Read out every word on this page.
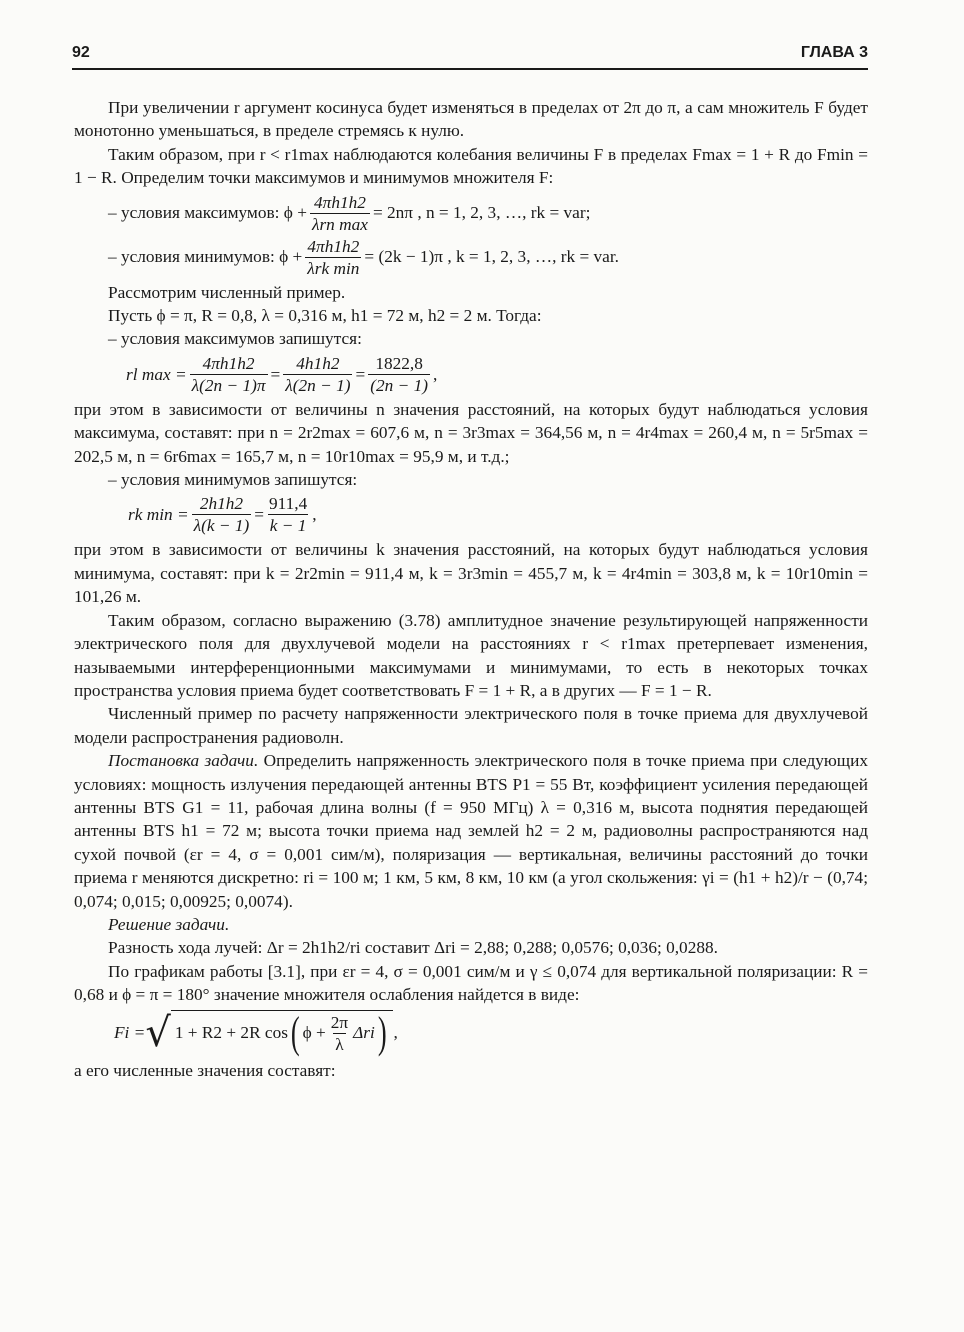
92	ГЛАВА 3

При увеличении r аргумент косинуса будет изменяться в пределах от 2π до π, а сам множитель F будет монотонно уменьшаться, в пределе стремясь к нулю.

Таким образом, при r < r1max наблюдаются колебания величины F в пределах Fmax = 1 + R до Fmin = 1 − R. Определим точки максимумов и минимумов множителя F:

– условия максимумов: $\phi + \frac{4\pi h1h2}{\text{λrn max}} = 2n\pi$ , n = 1, 2, 3, …, rk = var;
– условия минимумов: $\phi + \frac{4\pi h1h2}{\text{λrk min}} = (2k - 1)\pi$ , k = 1, 2, 3, …, rk = var.

Рассмотрим численный пример.

Пусть ϕ = π, R = 0,8, λ = 0,316 м, h1 = 72 м, h2 = 2 м. Тогда:

– условия максимумов запишутся:

rl $\max = \frac{4\pi h1h2}{\lambda(2n - 1)\pi} = \frac{4h1h2}{\lambda(2n - 1)} = \frac{1822,8}{(2n - 1)}$ ,

при этом в зависимости от величины n значения расстояний, на которых будут наблюдаться условия максимума, составят: при n = 2r2max = 607,6 м, n = 3r3max = 364,56 м, n = 4r4max = 260,4 м, n = 5r5max = 202,5 м, n = 6r6max = 165,7 м, n = 10r10max = 95,9 м, и т.д.;

– условия минимумов запишутся:

rk $\min = \frac{2h1h2}{\lambda(k - 1)} = \frac{911,4}{k - 1}$ ,

при этом в зависимости от величины k значения расстояний, на которых будут наблюдаться условия минимума, составят: при k = 2r2min = 911,4 м, k = 3r3min = 455,7 м, k = 4r4min = 303,8 м, k = 10r10min = 101,26 м.

Таким образом, согласно выражению (3.78) амплитудное значение результирующей напряженности электрического поля для двухлучевой модели на расстояниях r < r1max претерпевает изменения, называемыми интерференционными максимумами и минимумами, то есть в некоторых точках пространства условия приема будет соответствовать F = 1 + R, а в других — F = 1 − R.

Численный пример по расчету напряженности электрического поля в точке приема для двухлучевой модели распространения радиоволн.

Постановка задачи. Определить напряженность электрического поля в точке приема при следующих условиях: мощность излучения передающей антенны BTS P1 = 55 Вт, коэффициент усиления передающей антенны BTS G1 = 11, рабочая длина волны (f = 950 МГц) λ = 0,316 м, высота поднятия передающей антенны BTS h1 = 72 м; высота точки приема над землей h2 = 2 м, радиоволны распространяются над сухой почвой (εr = 4, σ = 0,001 сим/м), поляризация — вертикальная, величины расстояний до точки приема r меняются дискретно: ri = 100 м; 1 км, 5 км, 8 км, 10 км (а угол скольжения: γi = (h1 + h2)/r − (0,74; 0,074; 0,015; 0,00925; 0,0074).

Решение задачи.

Разность хода лучей: Δr = 2h1h2/ri составит Δri = 2,88; 0,288; 0,0576; 0,036; 0,0288.

По графикам работы [3.1], при εr = 4, σ = 0,001 сим/м и γ ≤ 0,074 для вертикальной поляризации: R = 0,68 и ϕ = π = 180° значение множителя ослабления найдется в виде:

Fi = √ 1 + R2 + 2R cos ( $\phi + \frac{2\pi}{\lambda}$ Δri ) ,

а его численные значения составят:
